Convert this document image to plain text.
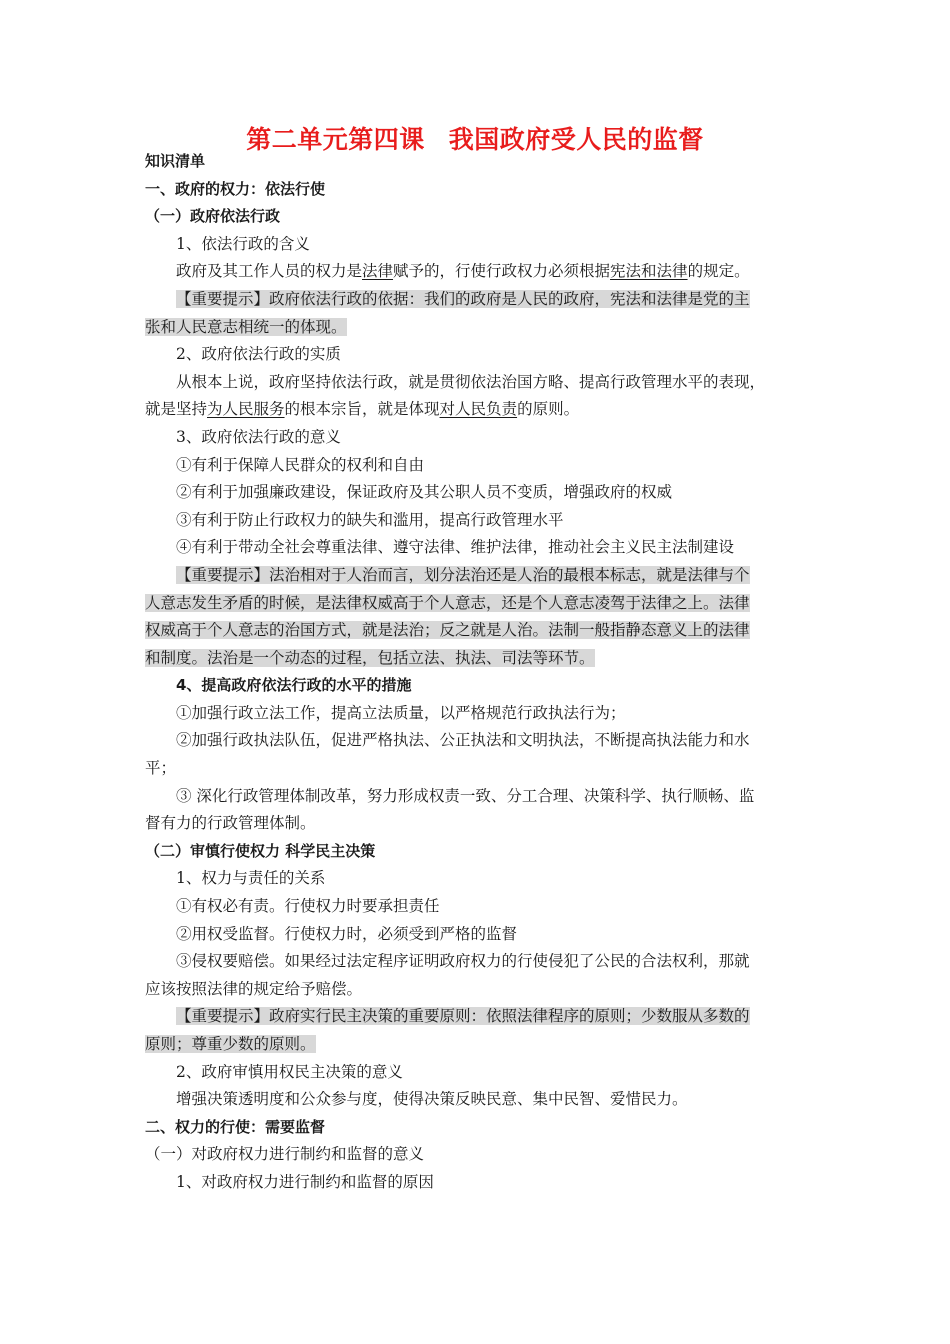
第二单元第四课 我国政府受人民的监督

知识清单

一、政府的权力：依法行使

（一）政府依法行政

1、依法行政的含义

政府及其工作人员的权力是法律赋予的，行使行政权力必须根据宪法和法律的规定。

【重要提示】政府依法行政的依据：我们的政府是人民的政府，宪法和法律是党的主

张和人民意志相统一的体现。

2、政府依法行政的实质

从根本上说，政府坚持依法行政，就是贯彻依法治国方略、提高行政管理水平的表现，

就是坚持为人民服务的根本宗旨，就是体现对人民负责的原则。

3、政府依法行政的意义

①有利于保障人民群众的权利和自由

②有利于加强廉政建设，保证政府及其公职人员不变质，增强政府的权威

③有利于防止行政权力的缺失和滥用，提高行政管理水平

④有利于带动全社会尊重法律、遵守法律、维护法律，推动社会主义民主法制建设

【重要提示】法治相对于人治而言，划分法治还是人治的最根本标志，就是法律与个

人意志发生矛盾的时候，是法律权威高于个人意志，还是个人意志凌驾于法律之上。法律

权威高于个人意志的治国方式，就是法治；反之就是人治。法制一般指静态意义上的法律

和制度。法治是一个动态的过程，包括立法、执法、司法等环节。

4、提高政府依法行政的水平的措施

①加强行政立法工作，提高立法质量，以严格规范行政执法行为；

②加强行政执法队伍，促进严格执法、公正执法和文明执法，不断提高执法能力和水

平；

③ 深化行政管理体制改革，努力形成权责一致、分工合理、决策科学、执行顺畅、监

督有力的行政管理体制。

（二）审慎行使权力 科学民主决策

1、权力与责任的关系

①有权必有责。行使权力时要承担责任

②用权受监督。行使权力时，必须受到严格的监督

③侵权要赔偿。如果经过法定程序证明政府权力的行使侵犯了公民的合法权利，那就

应该按照法律的规定给予赔偿。

【重要提示】政府实行民主决策的重要原则：依照法律程序的原则；少数服从多数的

原则；尊重少数的原则。

2、政府审慎用权民主决策的意义

增强决策透明度和公众参与度，使得决策反映民意、集中民智、爱惜民力。

二、权力的行使：需要监督

（一）对政府权力进行制约和监督的意义

1、对政府权力进行制约和监督的原因
